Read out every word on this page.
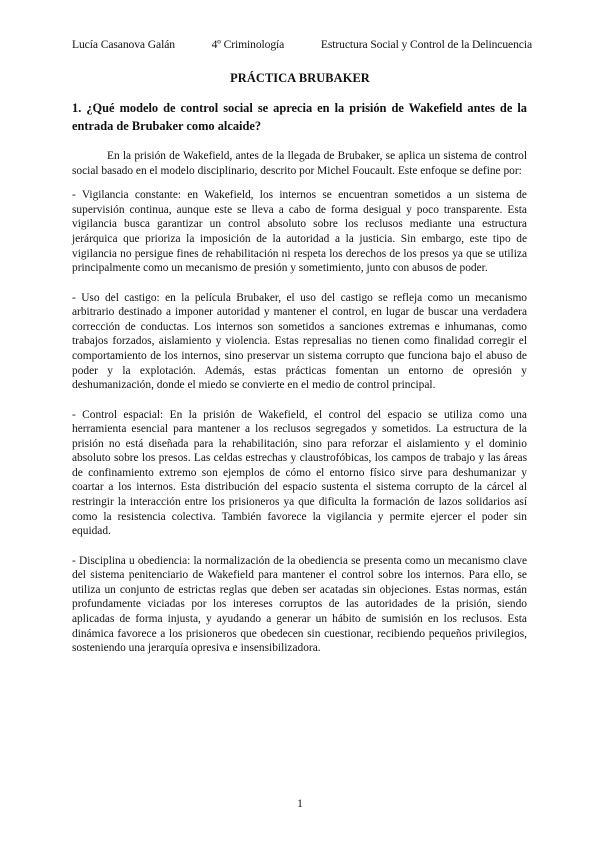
Lucía Casanova Galán	4º Criminología	Estructura Social y Control de la Delincuencia
PRÁCTICA BRUBAKER
1. ¿Qué modelo de control social se aprecia en la prisión de Wakefield antes de la entrada de Brubaker como alcaide?

En la prisión de Wakefield, antes de la llegada de Brubaker, se aplica un sistema de control social basado en el modelo disciplinario, descrito por Michel Foucault. Este enfoque se define por:

- Vigilancia constante: en Wakefield, los internos se encuentran sometidos a un sistema de supervisión continua, aunque este se lleva a cabo de forma desigual y poco transparente. Esta vigilancia busca garantizar un control absoluto sobre los reclusos mediante una estructura jerárquica que prioriza la imposición de la autoridad a la justicia. Sin embargo, este tipo de vigilancia no persigue fines de rehabilitación ni respeta los derechos de los presos ya que se utiliza principalmente como un mecanismo de presión y sometimiento, junto con abusos de poder.

- Uso del castigo: en la película Brubaker, el uso del castigo se refleja como un mecanismo arbitrario destinado a imponer autoridad y mantener el control, en lugar de buscar una verdadera corrección de conductas. Los internos son sometidos a sanciones extremas e inhumanas, como trabajos forzados, aislamiento y violencia. Estas represalias no tienen como finalidad corregir el comportamiento de los internos, sino preservar un sistema corrupto que funciona bajo el abuso de poder y la explotación. Además, estas prácticas fomentan un entorno de opresión y deshumanización, donde el miedo se convierte en el medio de control principal.

- Control espacial: En la prisión de Wakefield, el control del espacio se utiliza como una herramienta esencial para mantener a los reclusos segregados y sometidos. La estructura de la prisión no está diseñada para la rehabilitación, sino para reforzar el aislamiento y el dominio absoluto sobre los presos. Las celdas estrechas y claustrofóbicas, los campos de trabajo y las áreas de confinamiento extremo son ejemplos de cómo el entorno físico sirve para deshumanizar y coartar a los internos. Esta distribución del espacio sustenta el sistema corrupto de la cárcel al restringir la interacción entre los prisioneros ya que dificulta la formación de lazos solidarios así como la resistencia colectiva. También favorece la vigilancia y permite ejercer el poder sin equidad.

- Disciplina u obediencia: la normalización de la obediencia se presenta como un mecanismo clave del sistema penitenciario de Wakefield para mantener el control sobre los internos. Para ello, se utiliza un conjunto de estrictas reglas que deben ser acatadas sin objeciones. Estas normas, están profundamente viciadas por los intereses corruptos de las autoridades de la prisión, siendo aplicadas de forma injusta, y ayudando a generar un hábito de sumisión en los reclusos. Esta dinámica favorece a los prisioneros que obedecen sin cuestionar, recibiendo pequeños privilegios, sosteniendo una jerarquía opresiva e insensibilizadora.

1
